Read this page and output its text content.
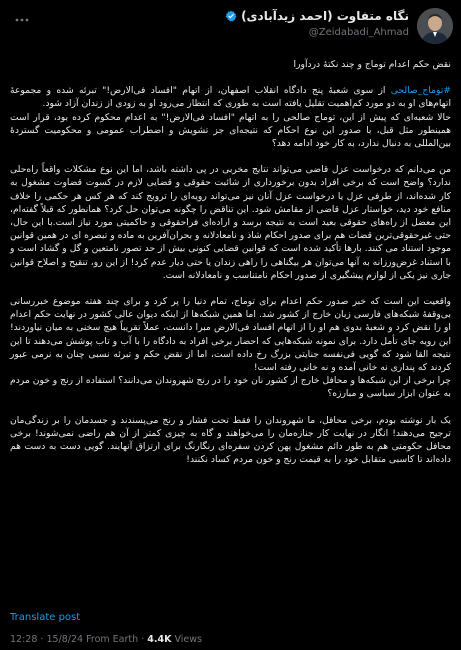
نگاه متفاوت (احمد زیدآبادی)
@Zeidabadi_Ahmad

نقض حکم اعدام توماج و چند نکتۀ دردآورا

#توماج_صالحی از سوی شعبۀ پنج دادگاه انقلاب اصفهان، از اتهام "افساد فی‌الارض!" تبرئه شده و مجموعۀ اتهام‌های او به دو مورد کم‌اهمیت تقلیل یافته است به طوری که انتظار می‌رود او به زودی از زندان آزاد شود.
حالا شعبه‌ای که پیش از این، توماج صالحی را به اتهام "افساد فی‌الارض!" به اعدام محکوم کرده بود، قرار است همینطور مثل قبل، با صدور این نوع احکام که نتیجه‌ای جز تشویش و اضطراب عمومی و محکومیت گستردۀ بین‌المللی به دنبال ندارد، به کار خود ادامه دهد؟

من می‌دانم که درخواست عزل قاضی می‌تواند نتایج مخربی در پی داشته باشد، اما این نوع مشکلات واقعاً راه‌حلی ندارد؟ واضح است که برخی افراد بدون برخورداری از شائبت حقوقی و قضایی لازم در کسوت قضاوت مشغول به کار شده‌اند، از طرفی عزل یا درخواست عزل آنان نیز می‌تواند رویه‌ای را ترویج کند که هر کس هر حکمی را خلاف منافع خود دید، خواستار عزل قاضی از مقامش شود. این تناقض را چگونه می‌توان حل کرد؟ همانطور که قبلاً گفته‌ام، این معضل از راه‌های حقوقی بعید است به نتیجه برسد و اراده‌ای فراحقوقی و حاکمیتی مورد نیاز است.با این حال، حتی غیرحقوقی‌ترین قضات هم برای صدور احکام شاذ و نامعادلانه و بحران‌آفرین به ماده و تبصره ای در همین قوانین موجود استناد می کنند. بارها تأکید شده است که قوانین قضایی کنونی بیش از حد تصور نامتعین و گل و گشاد است و با استناد غرض‌ورزانه به آنها می‌توان هر بیگناهی را راهی زندان یا حتی دیار عدم کرد! از این رو، تنقیح و اصلاح قوانین جاری نیز یکی از لوازم پیشگیری از صدور احکام نامتناسب و نامعادلانه است.

واقعیت این است که خبر صدور حکم اعدام برای توماج، تمام دنیا را پر کرد و برای چند هفته موضوع خبررسانی بی‌وقفۀ شبکه‌های فارسی زبان خارج از کشور شد. اما همین شبکه‌ها از اینکه دیوان عالی کشور در نهایت حکم اعدام او را نقض کرد و شعبۀ بدوی هم او را از اتهام افساد فی‌الارض مبرا دانست، عملاً تقریباً هیچ سخنی به میان نیاوردند! این رویه جای تأمل دارد. برای نمونه شبکه‌هایی که احضار برخی افراد به دادگاه را با آب و تاب پوشش می‌دهند تا این نتیجه القا شود که گویی فی‌نفسه جنایتی بزرگ رخ داده است، اما از نقض حکم و تبرئه نسبی چنان به نرمی عبور کردند که پنداری نه خانی آمده و نه خانی رفته است!
چرا برخی از این شبکه‌ها و محافل خارج از کشور نان خود را در رنج شهروندان می‌دانند؟ استفاده از رنج و خون مردم به عنوان ابزار سیاسی و مبارزه؟

یک بار نوشته بودم، برخی محافل، ما شهروندان را فقط تحت فشار و رنج می‌پسندند و جسدمان را بر زندگی‌مان ترجیح می‌دهند! انگار در نهایت کار جنازه‌مان را می‌خواهند و گاه به چیزی کمتر از آن هم راضی نمی‌شوند! برخی محافل حکومتی هم به طور دائم مشغول پهن کردن سفره‌ای رنگارنگ برای ارتزاق آنهایند. گویی دست به دست هم داده‌اند تا کاسبی متقابل خود را به قیمت رنج و خون مردم کساد نکنند!

Translate post
12:28 · 15/8/24 From Earth · 4.4K Views
